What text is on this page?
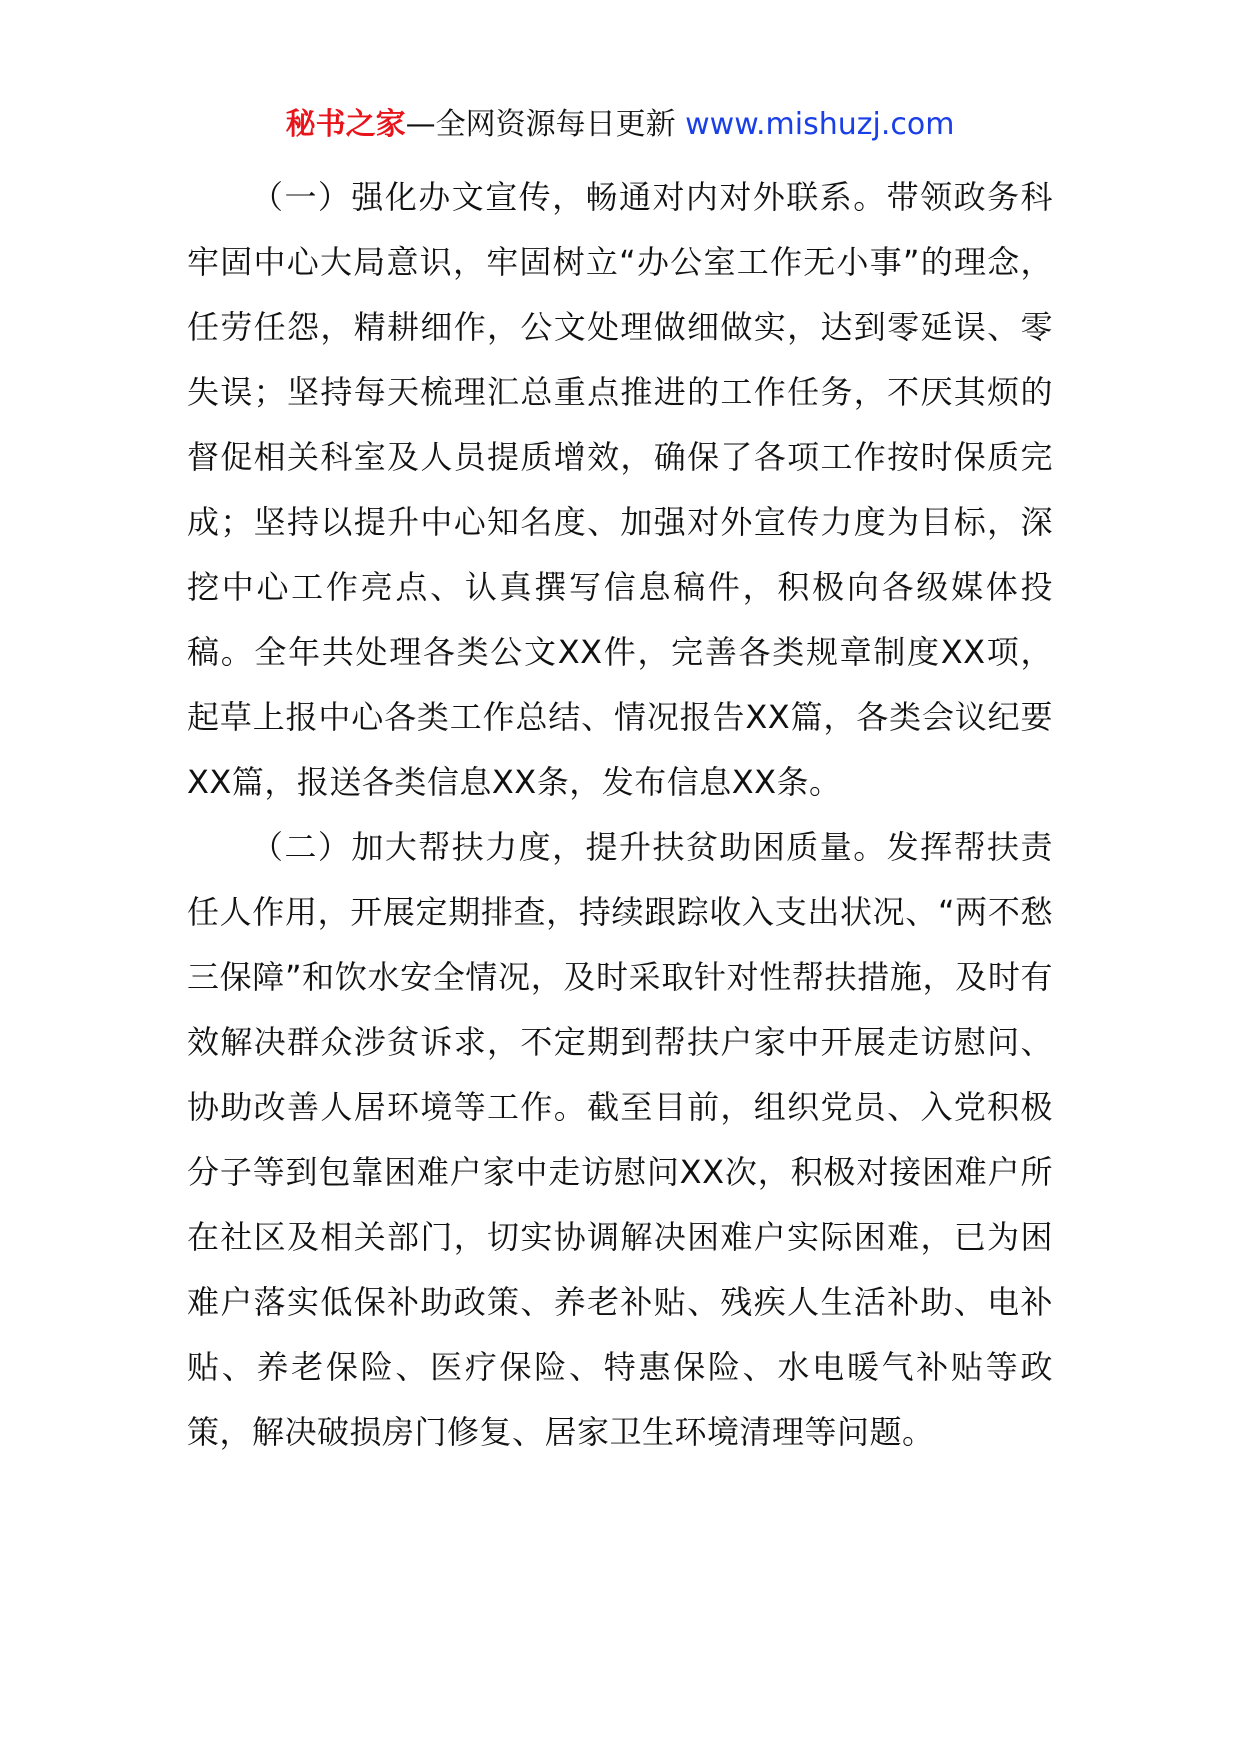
秘书之家—全网资源每日更新 www.mishuzj.com

（一）强化办文宣传，畅通对内对外联系。带领政务科牢固中心大局意识，牢固树立“办公室工作无小事”的理念，任劳任怨，精耕细作，公文处理做细做实，达到零延误、零失误；坚持每天梳理汇总重点推进的工作任务，不厌其烦的督促相关科室及人员提质增效，确保了各项工作按时保质完成；坚持以提升中心知名度、加强对外宣传力度为目标，深挖中心工作亮点、认真撰写信息稿件，积极向各级媒体投稿。全年共处理各类公文XX件，完善各类规章制度XX项，起草上报中心各类工作总结、情况报告XX篇，各类会议纪要XX篇，报送各类信息XX条，发布信息XX条。

（二）加大帮扶力度，提升扶贫助困质量。发挥帮扶责任人作用，开展定期排查，持续跟踪收入支出状况、“两不愁三保障”和饮水安全情况，及时采取针对性帮扶措施，及时有效解决群众涉贫诉求，不定期到帮扶户家中开展走访慰问、协助改善人居环境等工作。截至目前，组织党员、入党积极分子等到包靠困难户家中走访慰问XX次，积极对接困难户所在社区及相关部门，切实协调解决困难户实际困难，已为困难户落实低保补助政策、养老补贴、残疾人生活补助、电补贴、养老保险、医疗保险、特惠保险、水电暖气补贴等政策，解决破损房门修复、居家卫生环境清理等问题。
